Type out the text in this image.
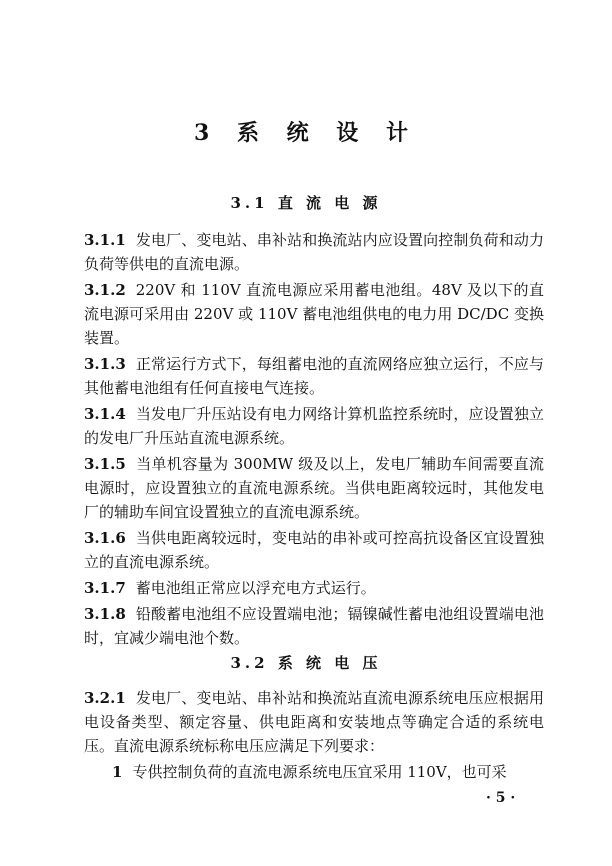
3 系 统 设 计
3.1 直 流 电 源

3.1.1 发电厂、变电站、串补站和换流站内应设置向控制负荷和动力负荷等供电的直流电源。

3.1.2 220V 和 110V 直流电源应采用蓄电池组。48V 及以下的直流电源可采用由 220V 或 110V 蓄电池组供电的电力用 DC/DC 变换装置。

3.1.3 正常运行方式下，每组蓄电池的直流网络应独立运行，不应与其他蓄电池组有任何直接电气连接。

3.1.4 当发电厂升压站设有电力网络计算机监控系统时，应设置独立的发电厂升压站直流电源系统。

3.1.5 当单机容量为 300MW 级及以上，发电厂辅助车间需要直流电源时，应设置独立的直流电源系统。当供电距离较远时，其他发电厂的辅助车间宜设置独立的直流电源系统。

3.1.6 当供电距离较远时，变电站的串补或可控高抗设备区宜设置独立的直流电源系统。

3.1.7 蓄电池组正常应以浮充电方式运行。

3.1.8 铅酸蓄电池组不应设置端电池；镉镍碱性蓄电池组设置端电池时，宜减少端电池个数。

3.2 系 统 电 压

3.2.1 发电厂、变电站、串补站和换流站直流电源系统电压应根据用电设备类型、额定容量、供电距离和安装地点等确定合适的系统电压。直流电源系统标称电压应满足下列要求：

1 专供控制负荷的直流电源系统电压宜采用 110V，也可采

· 5 ·
